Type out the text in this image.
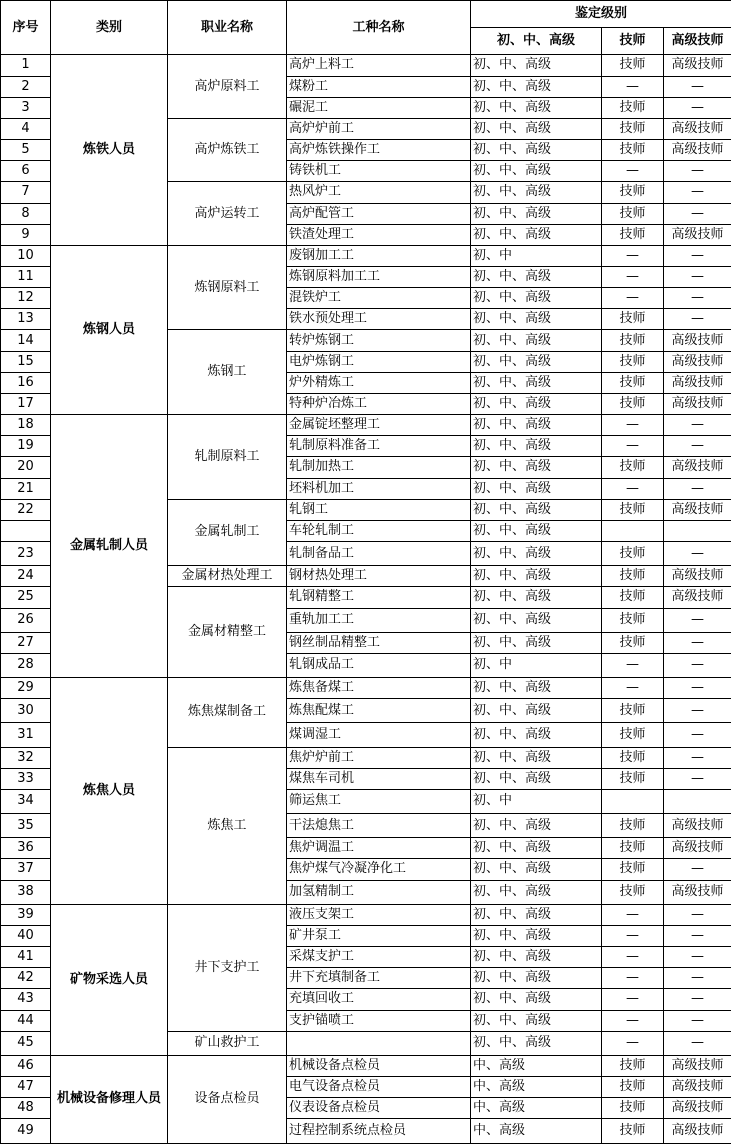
序号	类别	职业名称	工种名称	鉴定级别		
				初、中、高级	技师	高级技师
1	炼铁人员	高炉原料工	高炉上料工	初、中、高级	技师	高级技师
2			煤粉工	初、中、高级	—	—
3			碾泥工	初、中、高级	技师	—
4		高炉炼铁工	高炉炉前工	初、中、高级	技师	高级技师
5			高炉炼铁操作工	初、中、高级	技师	高级技师
6			铸铁机工	初、中、高级	—	—
7		高炉运转工	热风炉工	初、中、高级	技师	—
8			高炉配管工	初、中、高级	技师	—
9			铁渣处理工	初、中、高级	技师	高级技师
10	炼钢人员	炼钢原料工	废钢加工工	初、中	—	—
11			炼钢原料加工工	初、中、高级	—	—
12			混铁炉工	初、中、高级	—	—
13			铁水预处理工	初、中、高级	技师	—
14		炼钢工	转炉炼钢工	初、中、高级	技师	高级技师
15			电炉炼钢工	初、中、高级	技师	高级技师
16			炉外精炼工	初、中、高级	技师	高级技师
17			特种炉冶炼工	初、中、高级	技师	高级技师
18	金属轧制人员	轧制原料工	金属锭坯整理工	初、中、高级	—	—
19			轧制原料准备工	初、中、高级	—	—
20			轧制加热工	初、中、高级	技师	高级技师
21			坯料机加工	初、中、高级	—	—
22		金属轧制工	轧钢工	初、中、高级	技师	高级技师
			车轮轧制工	初、中、高级		
23			轧制备品工	初、中、高级	技师	—
24		金属材热处理工	钢材热处理工	初、中、高级	技师	高级技师
25		金属材精整工	轧钢精整工	初、中、高级	技师	高级技师
26			重轨加工工	初、中、高级	技师	—
27			钢丝制品精整工	初、中、高级	技师	—
28			轧钢成品工	初、中	—	—
29	炼焦人员	炼焦煤制备工	炼焦备煤工	初、中、高级	—	—
30			炼焦配煤工	初、中、高级	技师	—
31			煤调湿工	初、中、高级	技师	—
32		炼焦工	焦炉炉前工	初、中、高级	技师	—
33			煤焦车司机	初、中、高级	技师	—
34			筛运焦工	初、中		
35			干法熄焦工	初、中、高级	技师	高级技师
36			焦炉调温工	初、中、高级	技师	高级技师
37			焦炉煤气冷凝净化工	初、中、高级	技师	—
38			加氢精制工	初、中、高级	技师	高级技师
39	矿物采选人员	井下支护工	液压支架工	初、中、高级	—	—
40			矿井泵工	初、中、高级	—	—
41			采煤支护工	初、中、高级	—	—
42			井下充填制备工	初、中、高级	—	—
43			充填回收工	初、中、高级	—	—
44			支护锚喷工	初、中、高级	—	—
45		矿山救护工		初、中、高级	—	—
46	机械设备修理人员	设备点检员	机械设备点检员	中、高级	技师	高级技师
47			电气设备点检员	中、高级	技师	高级技师
48			仪表设备点检员	中、高级	技师	高级技师
49			过程控制系统点检员	中、高级	技师	高级技师
